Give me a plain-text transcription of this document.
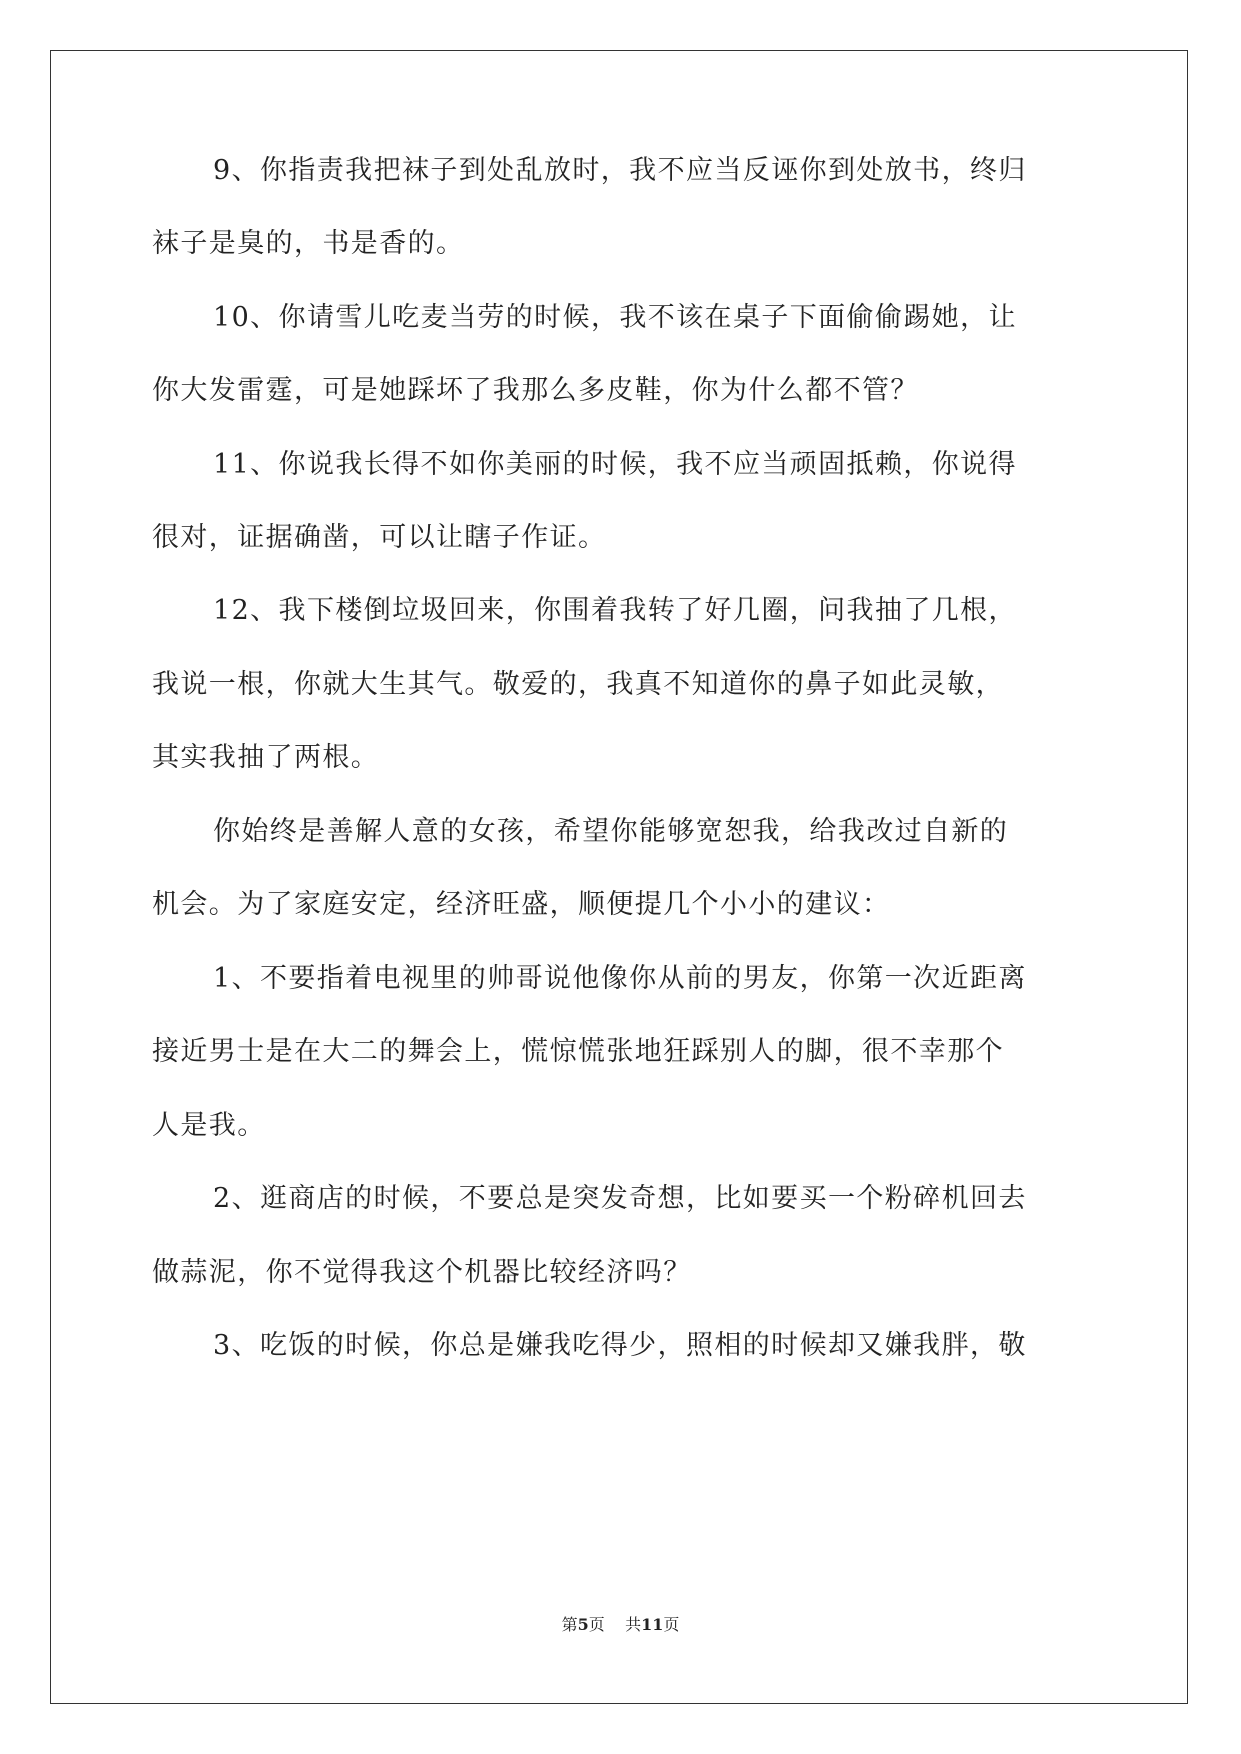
9、你指责我把袜子到处乱放时，我不应当反诬你到处放书，终归
袜子是臭的，书是香的。
10、你请雪儿吃麦当劳的时候，我不该在桌子下面偷偷踢她，让
你大发雷霆，可是她踩坏了我那么多皮鞋，你为什么都不管？
11、你说我长得不如你美丽的时候，我不应当顽固抵赖，你说得
很对，证据确凿，可以让瞎子作证。
12、我下楼倒垃圾回来，你围着我转了好几圈，问我抽了几根，
我说一根，你就大生其气。敬爱的，我真不知道你的鼻子如此灵敏，
其实我抽了两根。
你始终是善解人意的女孩，希望你能够宽恕我，给我改过自新的
机会。为了家庭安定，经济旺盛，顺便提几个小小的建议：
1、不要指着电视里的帅哥说他像你从前的男友，你第一次近距离
接近男士是在大二的舞会上，慌惊慌张地狂踩别人的脚，很不幸那个
人是我。
2、逛商店的时候，不要总是突发奇想，比如要买一个粉碎机回去
做蒜泥，你不觉得我这个机器比较经济吗？
3、吃饭的时候，你总是嫌我吃得少，照相的时候却又嫌我胖，敬
第5页 共11页
